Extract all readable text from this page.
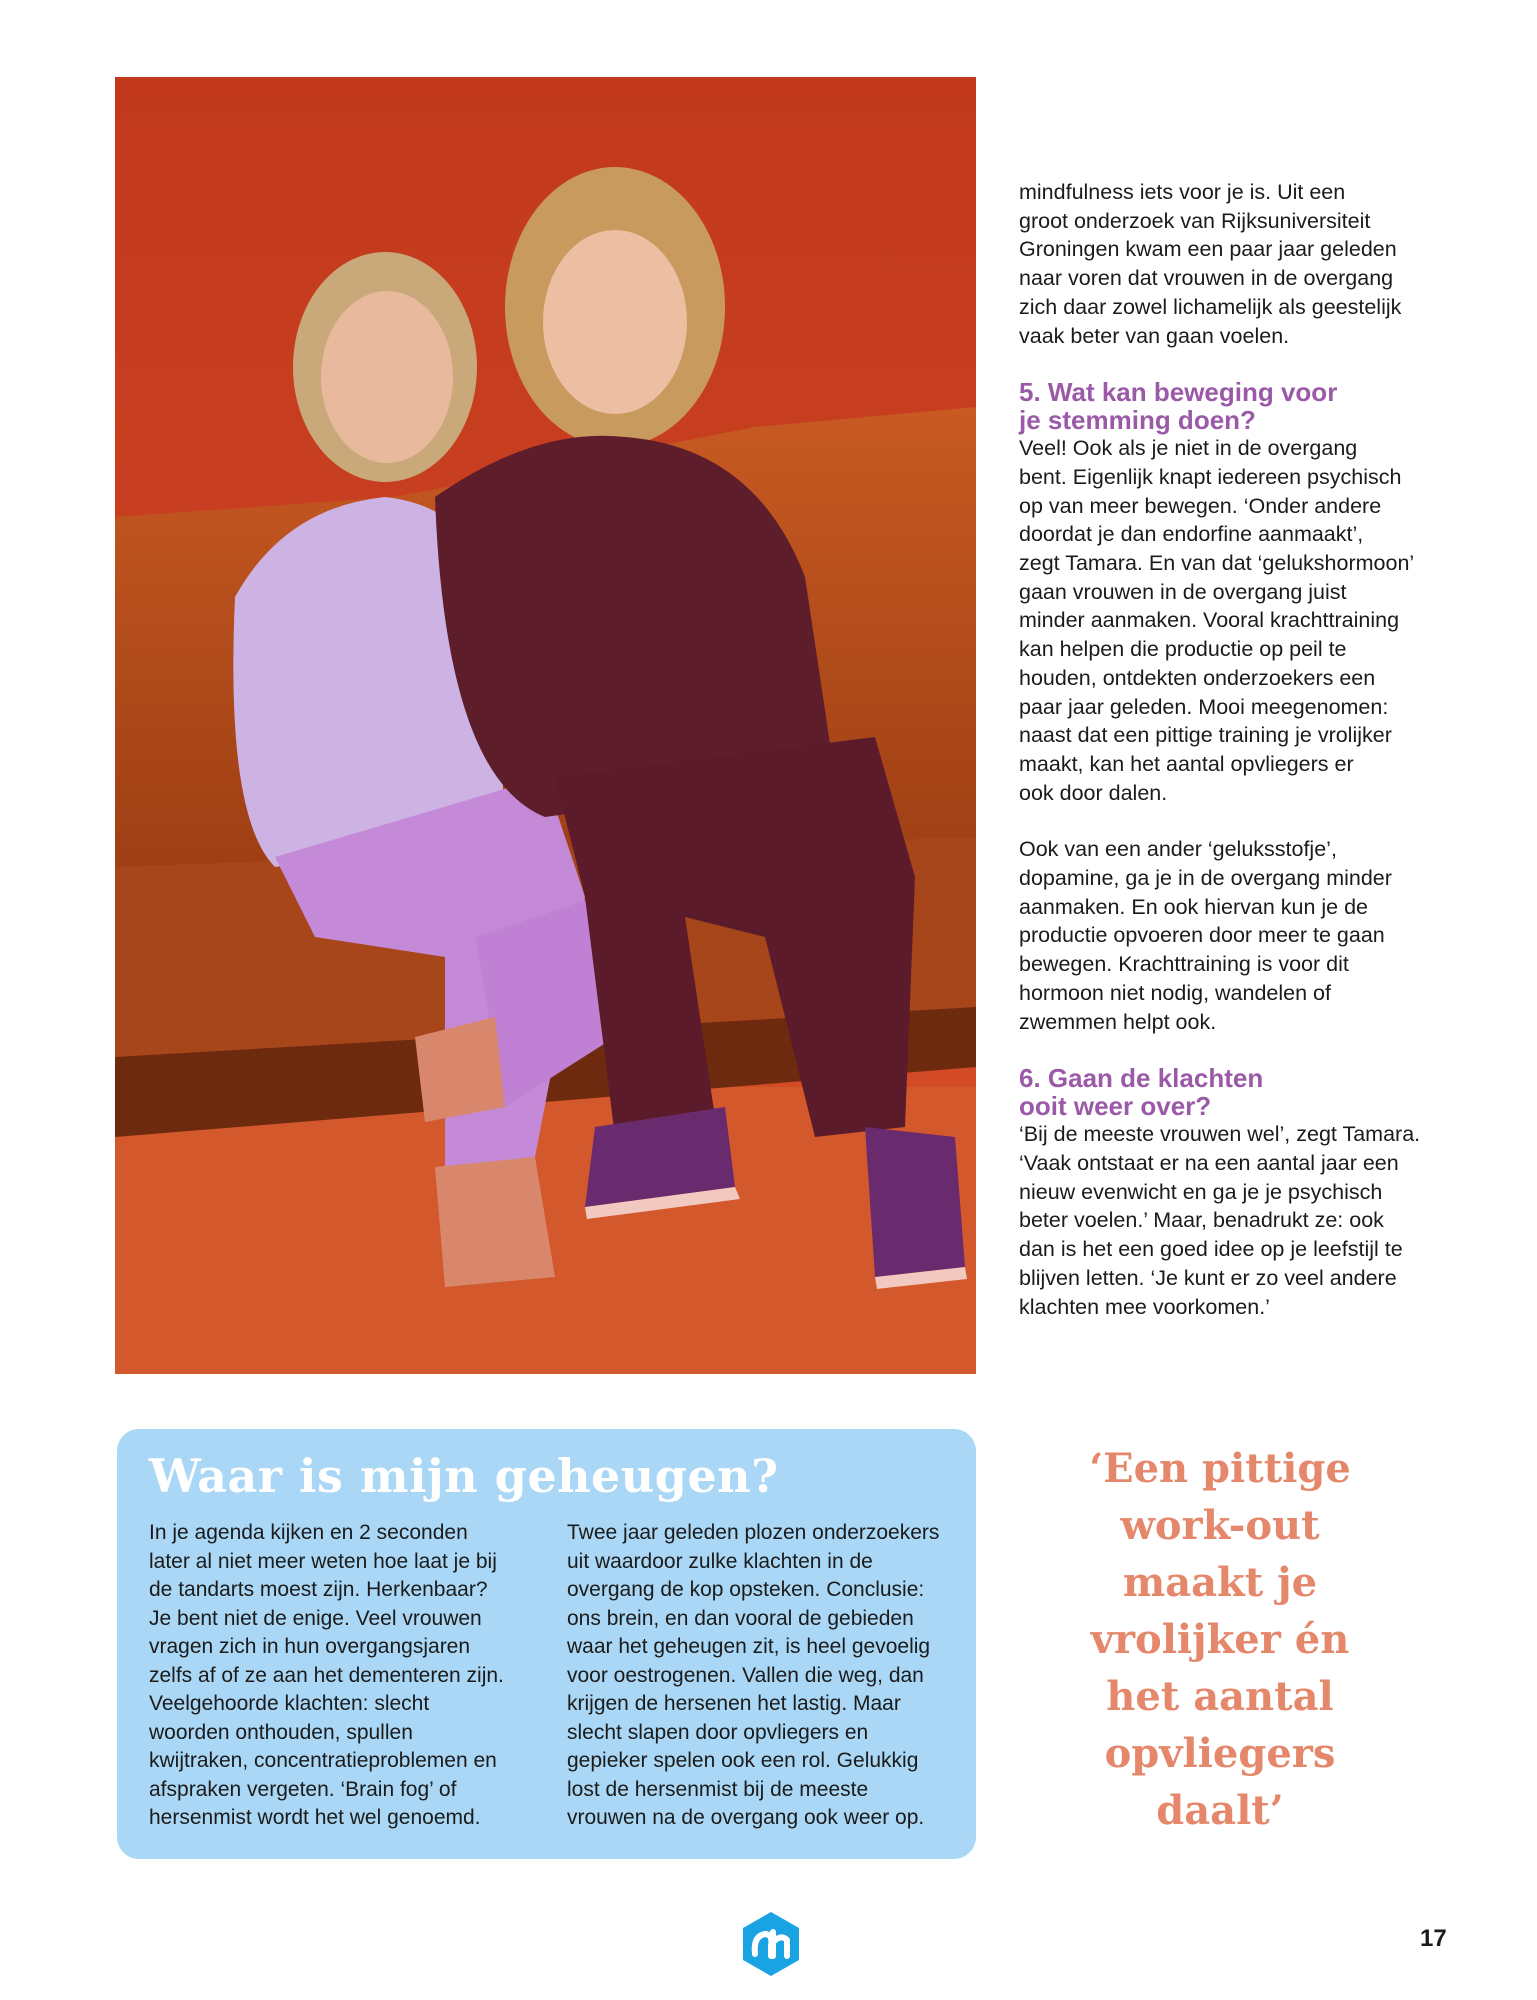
mindfulness iets voor je is. Uit een
groot onderzoek van Rijksuniversiteit
Groningen kwam een paar jaar geleden
naar voren dat vrouwen in de overgang
zich daar zowel lichamelijk als geestelijk
vaak beter van gaan voelen.

5. Wat kan beweging voor
je stemming doen?

Veel! Ook als je niet in de overgang
bent. Eigenlijk knapt iedereen psychisch
op van meer bewegen. ‘Onder andere
doordat je dan endorfine aanmaakt’,
zegt Tamara. En van dat ‘gelukshormoon’
gaan vrouwen in de overgang juist
minder aanmaken. Vooral krachttraining
kan helpen die productie op peil te
houden, ontdekten onderzoekers een
paar jaar geleden. Mooi meegenomen:
naast dat een pittige training je vrolijker
maakt, kan het aantal opvliegers er
ook door dalen.

Ook van een ander ‘geluksstofje’,
dopamine, ga je in de overgang minder
aanmaken. En ook hiervan kun je de
productie opvoeren door meer te gaan
bewegen. Krachttraining is voor dit
hormoon niet nodig, wandelen of
zwemmen helpt ook.

6. Gaan de klachten
ooit weer over?

‘Bij de meeste vrouwen wel’, zegt Tamara.
‘Vaak ontstaat er na een aantal jaar een
nieuw evenwicht en ga je je psychisch
beter voelen.’ Maar, benadrukt ze: ook
dan is het een goed idee op je leefstijl te
blijven letten. ‘Je kunt er zo veel andere
klachten mee voorkomen.’

Waar is mijn geheugen?

In je agenda kijken en 2 seconden
later al niet meer weten hoe laat je bij
de tandarts moest zijn. Herkenbaar?
Je bent niet de enige. Veel vrouwen
vragen zich in hun overgangsjaren
zelfs af of ze aan het dementeren zijn.
Veelgehoorde klachten: slecht
woorden onthouden, spullen
kwijtraken, concentratieproblemen en
afspraken vergeten. ‘Brain fog’ of
hersenmist wordt het wel genoemd.

Twee jaar geleden plozen onderzoekers
uit waardoor zulke klachten in de
overgang de kop opsteken. Conclusie:
ons brein, en dan vooral de gebieden
waar het geheugen zit, is heel gevoelig
voor oestrogenen. Vallen die weg, dan
krijgen de hersenen het lastig. Maar
slecht slapen door opvliegers en
gepieker spelen ook een rol. Gelukkig
lost de hersenmist bij de meeste
vrouwen na de overgang ook weer op.

‘Een pittige
work-out
maakt je
vrolijker én
het aantal
opvliegers
daalt’

17
